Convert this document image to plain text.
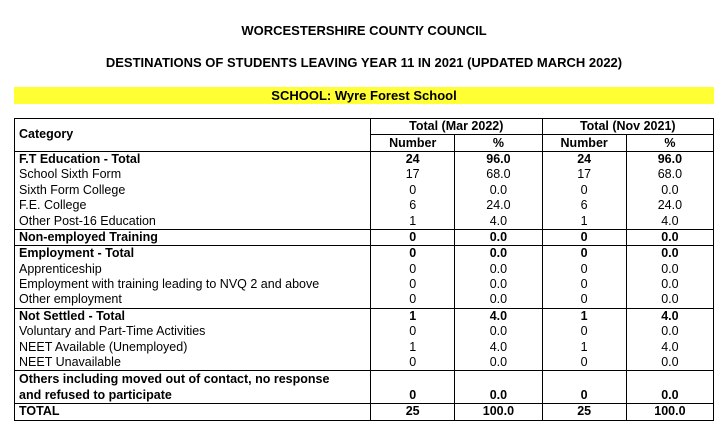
WORCESTERSHIRE COUNTY COUNCIL
DESTINATIONS OF STUDENTS LEAVING YEAR 11 IN 2021 (UPDATED MARCH 2022)
SCHOOL: Wyre Forest School
Category	Total (Mar 2022)		Total (Nov 2021)	
	Number	%	Number	%
F.T Education - Total	24	96.0	24	96.0
School Sixth Form	17	68.0	17	68.0
Sixth Form College	0	0.0	0	0.0
F.E. College	6	24.0	6	24.0
Other Post-16 Education	1	4.0	1	4.0
Non-employed Training	0	0.0	0	0.0
Employment - Total	0	0.0	0	0.0
Apprenticeship	0	0.0	0	0.0
Employment with training leading to NVQ 2 and above	0	0.0	0	0.0
Other employment	0	0.0	0	0.0
Not Settled - Total	1	4.0	1	4.0
Voluntary and Part-Time Activities	0	0.0	0	0.0
NEET Available (Unemployed)	1	4.0	1	4.0
NEET Unavailable	0	0.0	0	0.0
Others including moved out of contact, no response
and refused to participate	0	0.0	0	0.0
TOTAL	25	100.0	25	100.0
